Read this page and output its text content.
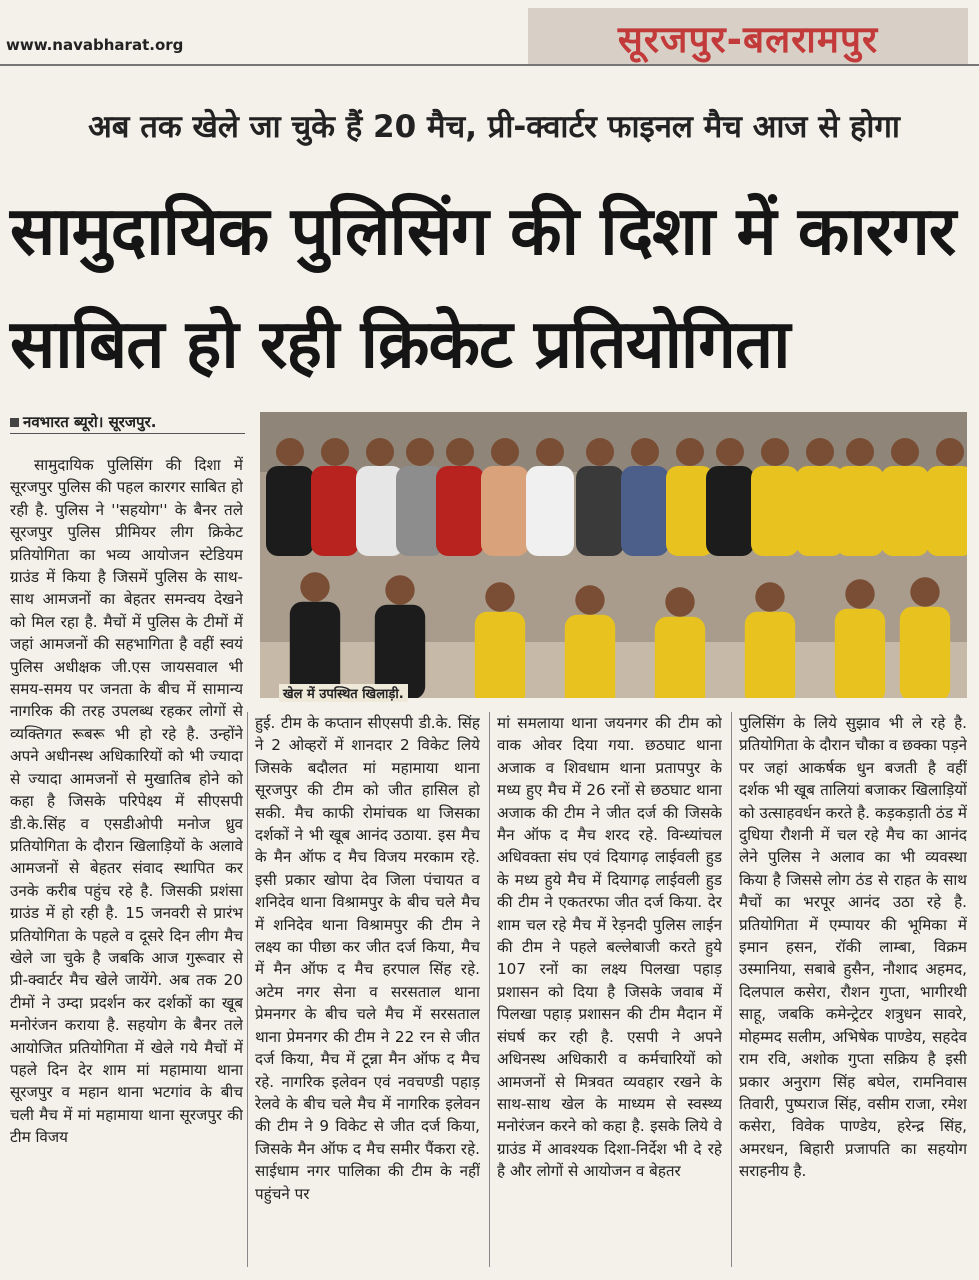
www.navabharat.org	सूरजपुर-बलरामपुर
अब तक खेले जा चुके हैं 20 मैच, प्री-क्वार्टर फाइनल मैच आज से होगा
सामुदायिक पुलिसिंग की दिशा में कारगर
साबित हो रही क्रिकेट प्रतियोगिता
नवभारत ब्यूरो। सूरजपुर.

सामुदायिक पुलिसिंग की दिशा में सूरजपुर पुलिस की पहल कारगर साबित हो रही है. पुलिस ने ''सहयोग'' के बैनर तले सूरजपुर पुलिस प्रीमियर लीग क्रिकेट प्रतियोगिता का भव्य आयोजन स्टेडियम ग्राउंड में किया है जिसमें पुलिस के साथ-साथ आमजनों का बेहतर समन्वय देखने को मिल रहा है. मैचों में पुलिस के टीमों में जहां आमजनों की सहभागिता है वहीं स्वयं पुलिस अधीक्षक जी.एस जायसवाल भी समय-समय पर जनता के बीच में सामान्य नागरिक की तरह उपलब्ध रहकर लोगों से व्यक्तिगत रूबरू भी हो रहे है. उन्होंने अपने अधीनस्थ अधिकारियों को भी ज्यादा से ज्यादा आमजनों से मुखातिब होने को कहा है जिसके परिपेक्ष्य में सीएसपी डी.के.सिंह व एसडीओपी मनोज ध्रुव प्रतियोगिता के दौरान खिलाड़ियों के अलावे आमजनों से बेहतर संवाद स्थापित कर उनके करीब पहुंच रहे है. जिसकी प्रशंसा ग्राउंड में हो रही है. 15 जनवरी से प्रारंभ प्रतियोगिता के पहले व दूसरे दिन लीग मैच खेले जा चुके है जबकि आज गुरूवार से प्री-क्वार्टर मैच खेले जायेंगे. अब तक 20 टीमों ने उम्दा प्रदर्शन कर दर्शकों का खूब मनोरंजन कराया है. सहयोग के बैनर तले आयोजित प्रतियोगिता में खेले गये मैचों में पहले दिन देर शाम मां महामाया थाना सूरजपुर व महान थाना भटगांव के बीच चली मैच में मां महामाया थाना सूरजपुर की टीम विजय

खेल में उपस्थित खिलाड़ी.

हुई. टीम के कप्तान सीएसपी डी.के. सिंह ने 2 ओव्हरों में शानदार 2 विकेट लिये जिसके बदौलत मां महामाया थाना सूरजपुर की टीम को जीत हासिल हो सकी. मैच काफी रोमांचक था जिसका दर्शकों ने भी खूब आनंद उठाया. इस मैच के मैन ऑफ द मैच विजय मरकाम रहे. इसी प्रकार खोपा देव जिला पंचायत व शनिदेव थाना विश्रामपुर के बीच चले मैच में शनिदेव थाना विश्रामपुर की टीम ने लक्ष्य का पीछा कर जीत दर्ज किया, मैच में मैन ऑफ द मैच हरपाल सिंह रहे. अटेम नगर सेना व सरसताल थाना प्रेमनगर के बीच चले मैच में सरसताल थाना प्रेमनगर की टीम ने 22 रन से जीत दर्ज किया, मैच में टून्ना मैन ऑफ द मैच रहे. नागरिक इलेवन एवं नवचण्डी पहाड़ रेलवे के बीच चले मैच में नागरिक इलेवन की टीम ने 9 विकेट से जीत दर्ज किया, जिसके मैन ऑफ द मैच समीर पैंकरा रहे. साईधाम नगर पालिका की टीम के नहीं पहुंचने पर

मां समलाया थाना जयनगर की टीम को वाक ओवर दिया गया. छठघाट थाना अजाक व शिवधाम थाना प्रतापपुर के मध्य हुए मैच में 26 रनों से छठघाट थाना अजाक की टीम ने जीत दर्ज की जिसके मैन ऑफ द मैच शरद रहे. विन्ध्यांचल अधिवक्ता संघ एवं दियागढ़ लाईवली हुड के मध्य हुये मैच में दियागढ़ लाईवली हुड की टीम ने एकतरफा जीत दर्ज किया. देर शाम चल रहे मैच में रेड़नदी पुलिस लाईन की टीम ने पहले बल्लेबाजी करते हुये 107 रनों का लक्ष्य पिलखा पहाड़ प्रशासन को दिया है जिसके जवाब में पिलखा पहाड़ प्रशासन की टीम मैदान में संघर्ष कर रही है. एसपी ने अपने अधिनस्थ अधिकारी व कर्मचारियों को आमजनों से मित्रवत व्यवहार रखने के साथ-साथ खेल के माध्यम से स्वस्थ्य मनोरंजन करने को कहा है. इसके लिये वे ग्राउंड में आवश्यक दिशा-निर्देश भी दे रहे है और लोगों से आयोजन व बेहतर

पुलिसिंग के लिये सुझाव भी ले रहे है. प्रतियोगिता के दौरान चौका व छक्का पड़ने पर जहां आकर्षक धुन बजती है वहीं दर्शक भी खूब तालियां बजाकर खिलाड़ियों को उत्साहवर्धन करते है. कड़कड़ाती ठंड में दुधिया रौशनी में चल रहे मैच का आनंद लेने पुलिस ने अलाव का भी व्यवस्था किया है जिससे लोग ठंड से राहत के साथ मैचों का भरपूर आनंद उठा रहे है. प्रतियोगिता में एम्पायर की भूमिका में इमान हसन, रॉकी लाम्बा, विक्रम उस्मानिया, सबाबे हुसैन, नौशाद अहमद, दिलपाल कसेरा, रौशन गुप्ता, भागीरथी साहू, जबकि कमेन्ट्रेटर शत्रुधन सावरे, मोहम्मद सलीम, अभिषेक पाण्डेय, सहदेव राम रवि, अशोक गुप्ता सक्रिय है इसी प्रकार अनुराग सिंह बघेल, रामनिवास तिवारी, पुष्पराज सिंह, वसीम राजा, रमेश कसेरा, विवेक पाण्डेय, हरेन्द्र सिंह, अमरधन, बिहारी प्रजापति का सहयोग सराहनीय है.
